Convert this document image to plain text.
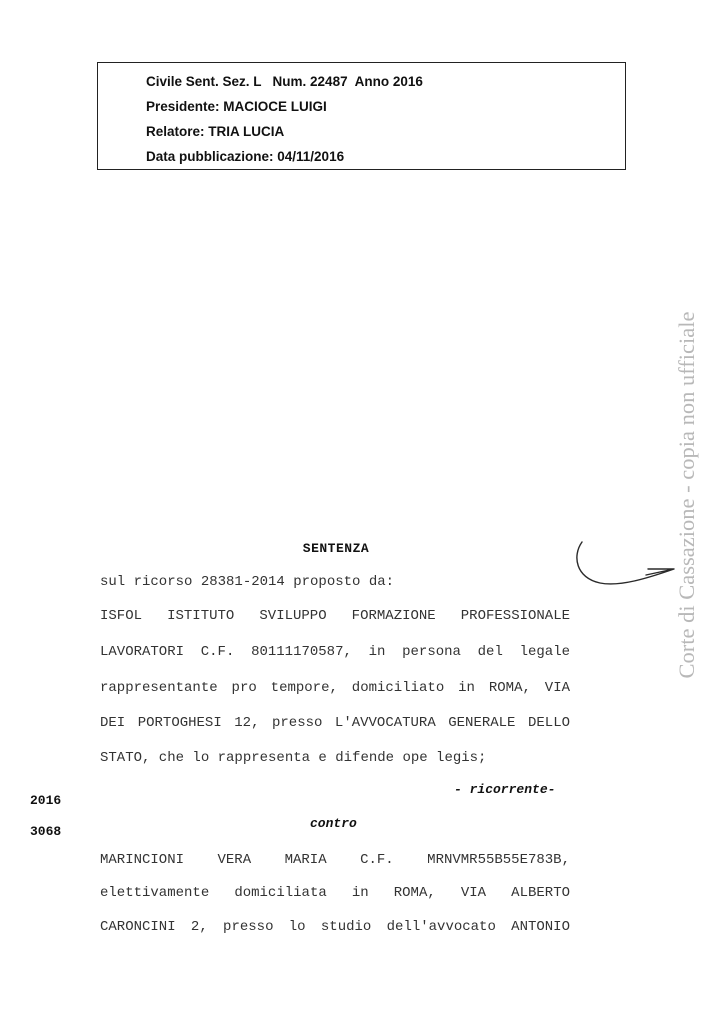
Civile Sent. Sez. L   Num. 22487  Anno 2016
Presidente: MACIOCE LUIGI
Relatore: TRIA LUCIA
Data pubblicazione: 04/11/2016
Corte di Cassazione - copia non ufficiale
SENTENZA
sul ricorso 28381-2014 proposto da:
ISFOL ISTITUTO SVILUPPO FORMAZIONE PROFESSIONALE
LAVORATORI C.F. 80111170587, in persona del legale
rappresentante pro tempore, domiciliato in ROMA, VIA
DEI PORTOGHESI 12, presso L'AVVOCATURA GENERALE DELLO
STATO, che lo rappresenta e difende ope legis;
- ricorrente-
contro
MARINCIONI VERA MARIA C.F. MRNVMR55B55E783B,
elettivamente domiciliata in ROMA, VIA ALBERTO
CARONCINI 2, presso lo studio dell'avvocato ANTONIO
2016
3068
